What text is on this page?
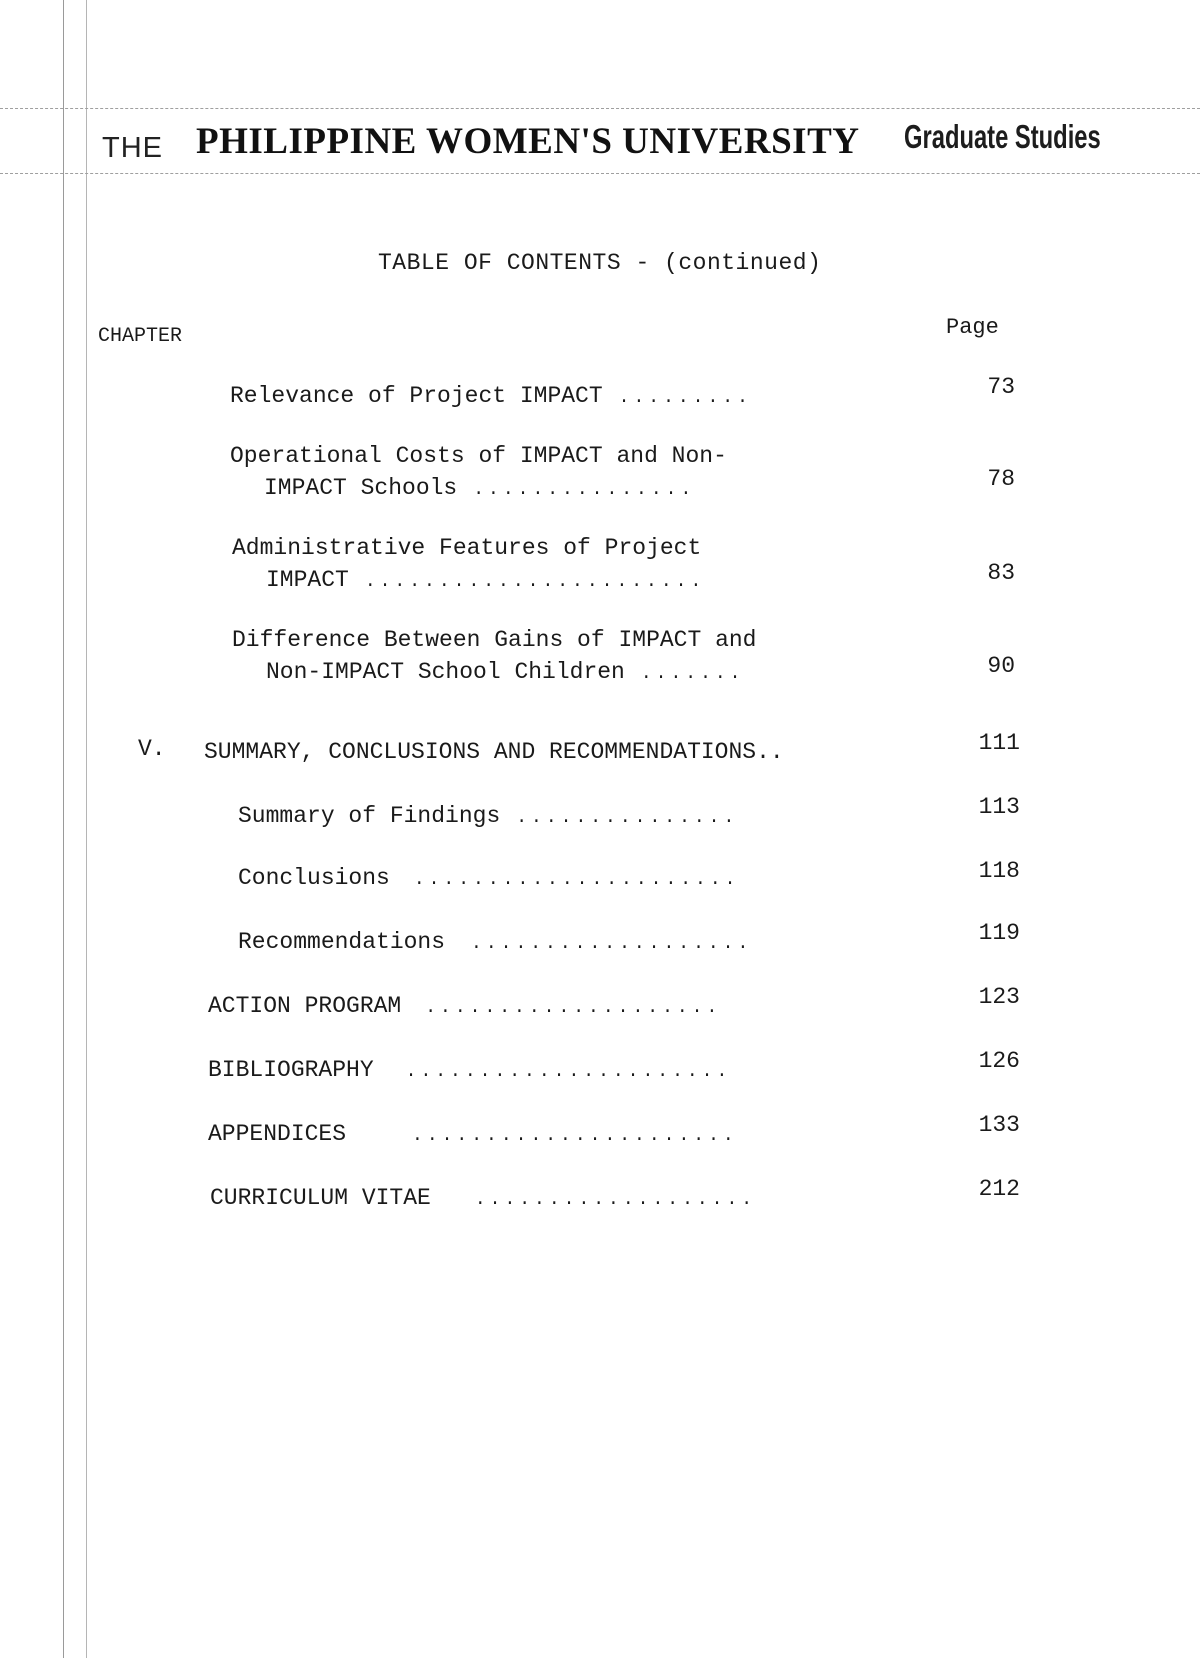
THE PHILIPPINE WOMEN'S UNIVERSITY Graduate Studies
TABLE OF CONTENTS - (continued)
CHAPTER	Page
Relevance of Project IMPACT .........	73
Operational Costs of IMPACT and Non-
IMPACT Schools ...............	78
Administrative Features of Project
IMPACT .......................	83
Difference Between Gains of IMPACT and
Non-IMPACT School Children .......	90
V. SUMMARY, CONCLUSIONS AND RECOMMENDATIONS..	111
Summary of Findings ...............	113
Conclusions ......................	118
Recommendations ...................	119
ACTION PROGRAM ....................	123
BIBLIOGRAPHY ......................	126
APPENDICES	......................	133
CURRICULUM VITAE ...................	212
